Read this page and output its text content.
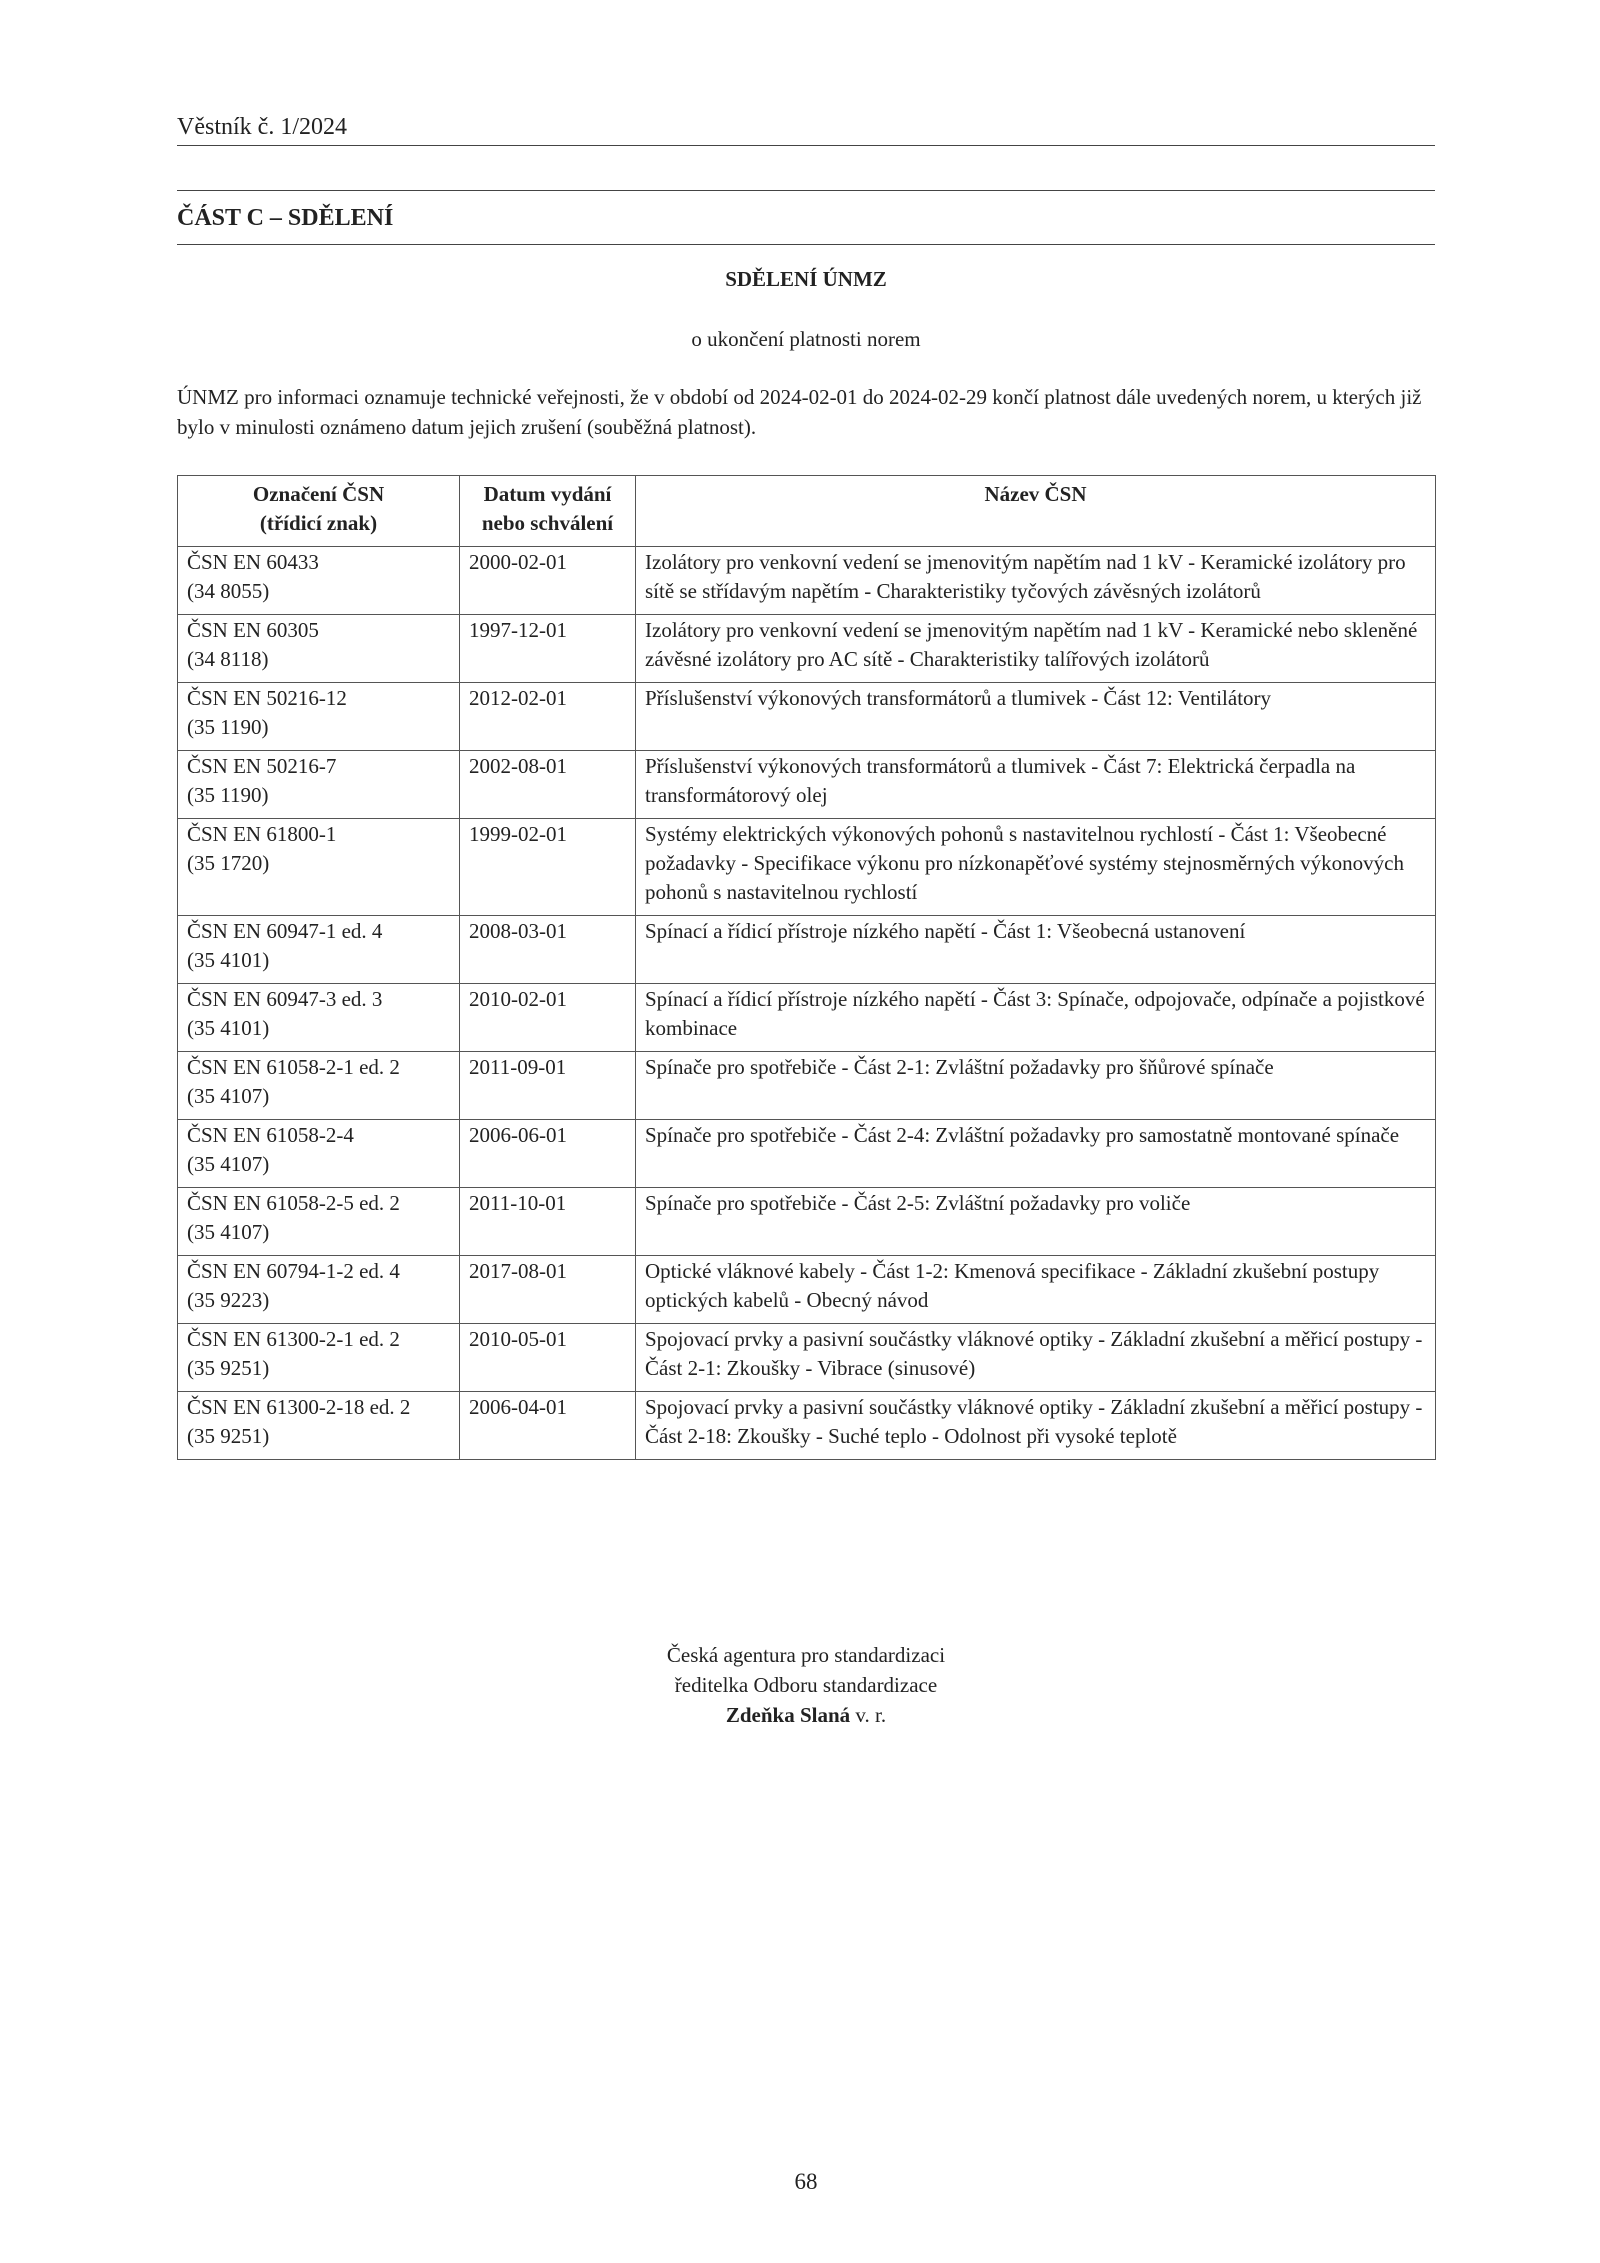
Věstník č. 1/2024
ČÁST C – SDĚLENÍ
SDĚLENÍ ÚNMZ
o ukončení platnosti norem

ÚNMZ pro informaci oznamuje technické veřejnosti, že v období od 2024-02-01 do 2024-02-29 končí platnost dále uvedených norem, u kterých již bylo v minulosti oznámeno datum jejich zrušení (souběžná platnost).

Označení ČSN
(třídicí znak)	Datum vydání
nebo schválení	Název ČSN

ČSN EN 60433
(34 8055)	2000-02-01	Izolátory pro venkovní vedení se jmenovitým napětím nad 1 kV - Keramické izolátory pro sítě se střídavým napětím - Charakteristiky tyčových závěsných izolátorů

ČSN EN 60305
(34 8118)	1997-12-01	Izolátory pro venkovní vedení se jmenovitým napětím nad 1 kV - Keramické nebo skleněné závěsné izolátory pro AC sítě - Charakteristiky talířových izolátorů

ČSN EN 50216-12
(35 1190)	2012-02-01	Příslušenství výkonových transformátorů a tlumivek - Část 12: Ventilátory

ČSN EN 50216-7
(35 1190)	2002-08-01	Příslušenství výkonových transformátorů a tlumivek - Část 7: Elektrická čerpadla na transformátorový olej

ČSN EN 61800-1
(35 1720)	1999-02-01	Systémy elektrických výkonových pohonů s nastavitelnou rychlostí - Část 1: Všeobecné požadavky - Specifikace výkonu pro nízkonapěťové systémy stejnosměrných výkonových pohonů s nastavitelnou rychlostí

ČSN EN 60947-1 ed. 4
(35 4101)	2008-03-01	Spínací a řídicí přístroje nízkého napětí - Část 1: Všeobecná ustanovení

ČSN EN 60947-3 ed. 3
(35 4101)	2010-02-01	Spínací a řídicí přístroje nízkého napětí - Část 3: Spínače, odpojovače, odpínače a pojistkové kombinace

ČSN EN 61058-2-1 ed. 2
(35 4107)	2011-09-01	Spínače pro spotřebiče - Část 2-1: Zvláštní požadavky pro šňůrové spínače

ČSN EN 61058-2-4
(35 4107)	2006-06-01	Spínače pro spotřebiče - Část 2-4: Zvláštní požadavky pro samostatně montované spínače

ČSN EN 61058-2-5 ed. 2
(35 4107)	2011-10-01	Spínače pro spotřebiče - Část 2-5: Zvláštní požadavky pro voliče

ČSN EN 60794-1-2 ed. 4
(35 9223)	2017-08-01	Optické vláknové kabely - Část 1-2: Kmenová specifikace - Základní zkušební postupy optických kabelů - Obecný návod

ČSN EN 61300-2-1 ed. 2
(35 9251)	2010-05-01	Spojovací prvky a pasivní součástky vláknové optiky - Základní zkušební a měřicí postupy - Část 2-1: Zkoušky - Vibrace (sinusové)

ČSN EN 61300-2-18 ed. 2
(35 9251)	2006-04-01	Spojovací prvky a pasivní součástky vláknové optiky - Základní zkušební a měřicí postupy - Část 2-18: Zkoušky - Suché teplo - Odolnost při vysoké teplotě
Česká agentura pro standardizaci
ředitelka Odboru standardizace
Zdeňka Slaná v. r.
68
